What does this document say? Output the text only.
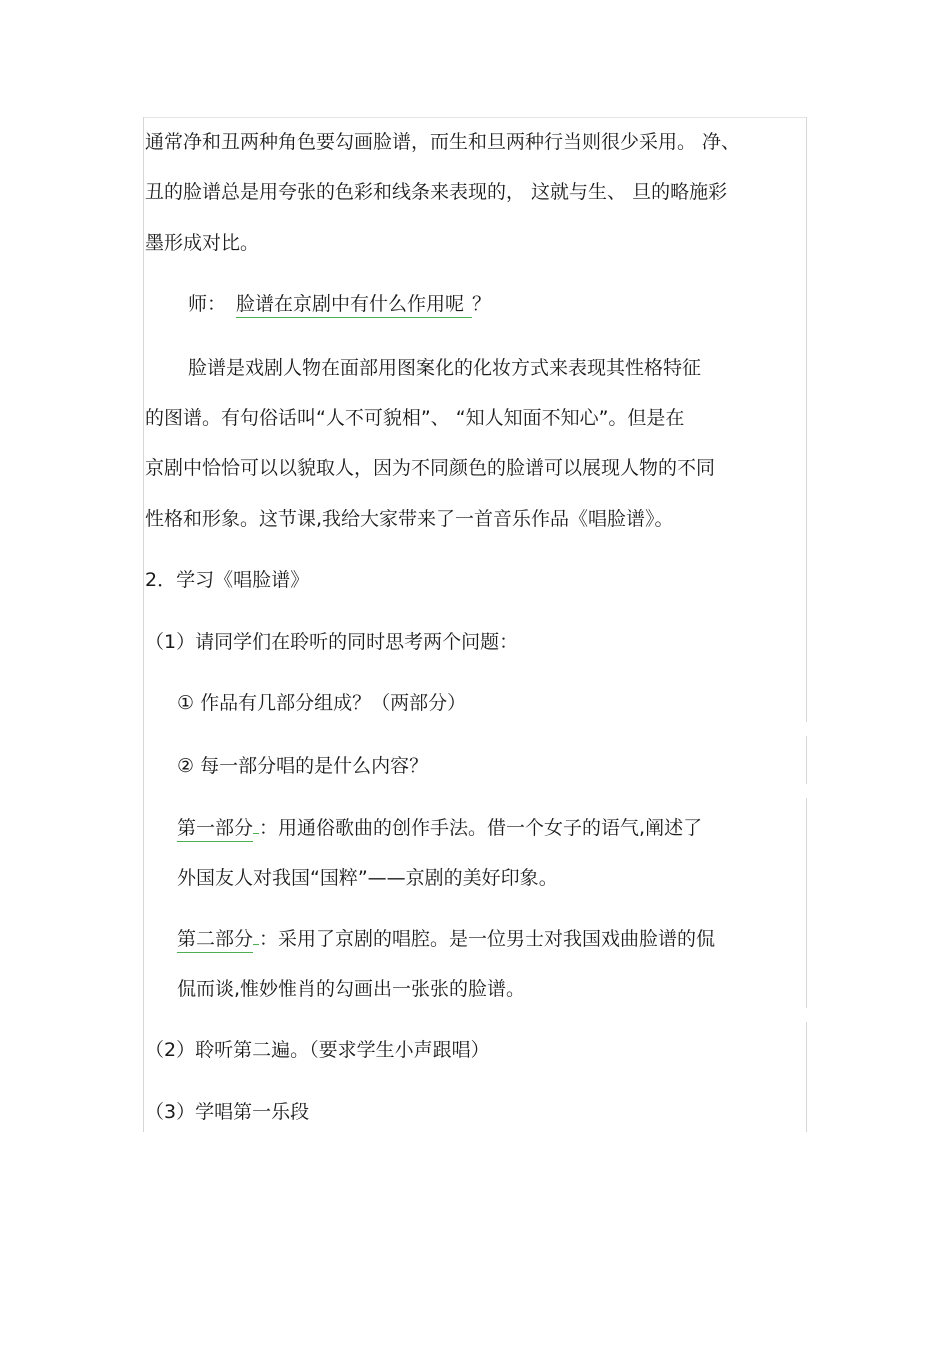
通常净和丑两种角色要勾画脸谱，而生和旦两种行当则很少采用。 净、
丑的脸谱总是用夸张的色彩和线条来表现的， 这就与生、 旦的略施彩
墨形成对比。
师： 脸谱在京剧中有什么作用呢 ？
脸谱是戏剧人物在面部用图案化的化妆方式来表现其性格特征
的图谱。有句俗话叫“人不可貌相”、 “知人知面不知心”。但是在
京剧中恰恰可以以貌取人，因为不同颜色的脸谱可以展现人物的不同
性格和形象。这节课,我给大家带来了一首音乐作品《唱脸谱》。
2．学习《唱脸谱》
（1）请同学们在聆听的同时思考两个问题：
① 作品有几部分组成？（两部分）
② 每一部分唱的是什么内容？
第一部分 ：用通俗歌曲的创作手法。借一个女子的语气,阐述了
外国友人对我国“国粹”——京剧的美好印象。
第二部分 ：采用了京剧的唱腔。是一位男士对我国戏曲脸谱的侃
侃而谈,惟妙惟肖的勾画出一张张的脸谱。
（2）聆听第二遍。（要求学生小声跟唱）
（3）学唱第一乐段
